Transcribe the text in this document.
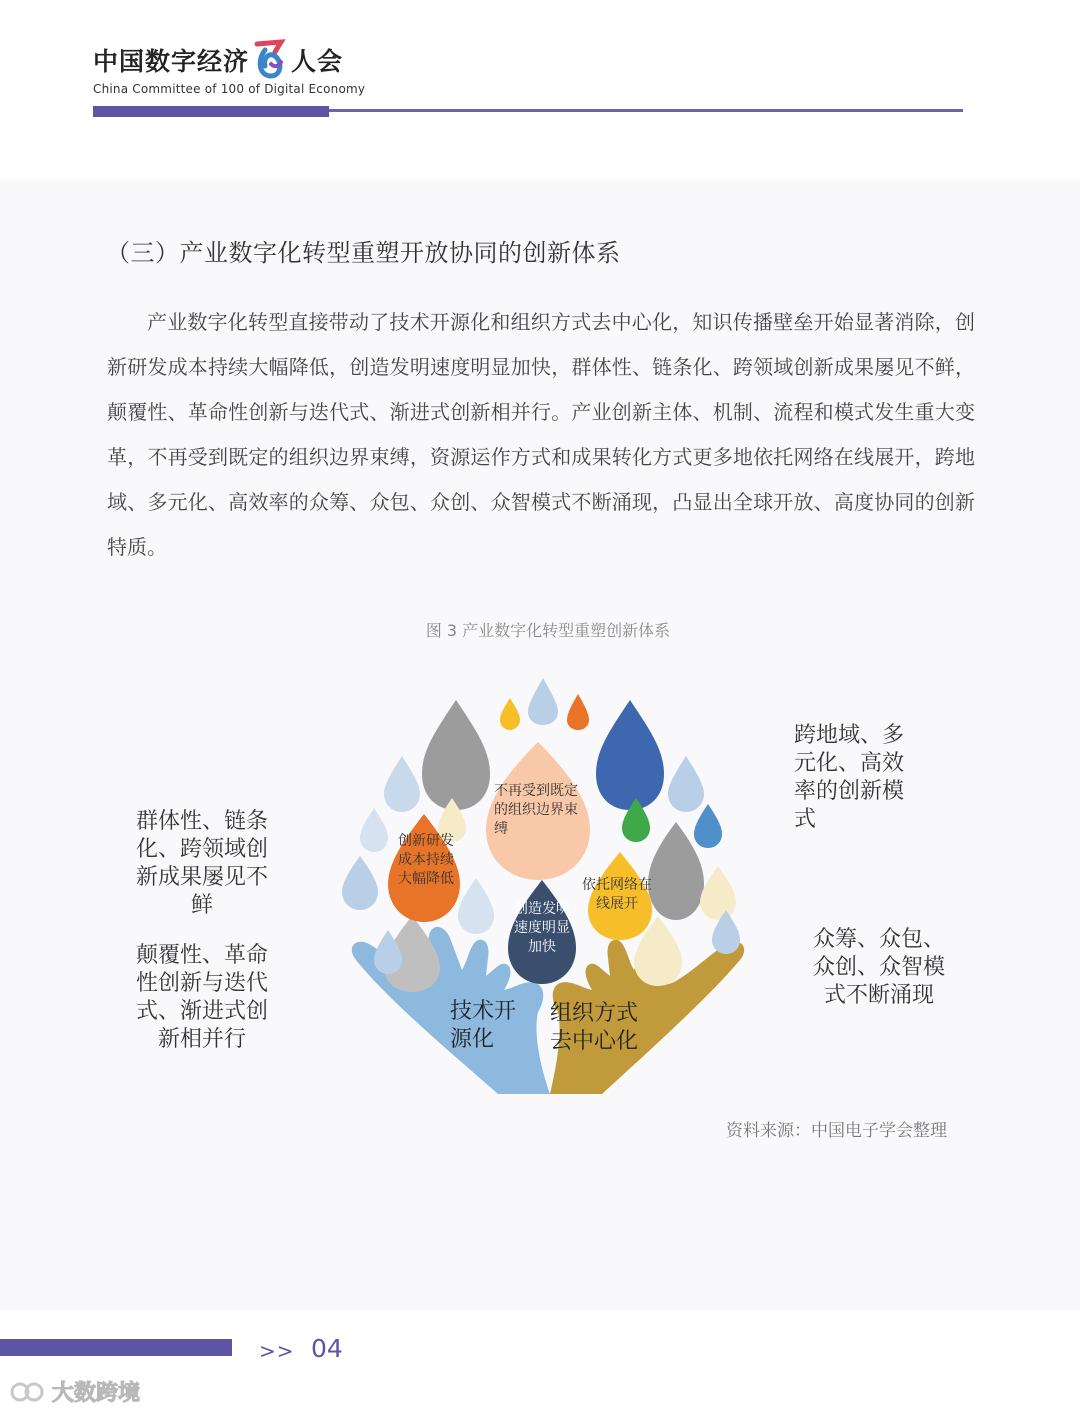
中国数字经济 人会
China Committee of 100 of Digital Economy
（三）产业数字化转型重塑开放协同的创新体系

产业数字化转型直接带动了技术开源化和组织方式去中心化，知识传播壁垒开始显著消除，创新研发成本持续大幅降低，创造发明速度明显加快，群体性、链条化、跨领域创新成果屡见不鲜，颠覆性、革命性创新与迭代式、渐进式创新相并行。产业创新主体、机制、流程和模式发生重大变革，不再受到既定的组织边界束缚，资源运作方式和成果转化方式更多地依托网络在线展开，跨地域、多元化、高效率的众筹、众包、众创、众智模式不断涌现，凸显出全球开放、高度协同的创新特质。

图 3 产业数字化转型重塑创新体系
不再受到既定的组织边界束缚
创新研发成本持续大幅降低	依托网络在线展开
创造发明速度明显加快
技术开源化
组织方式去中心化
群体性、链条化、跨领域创新成果屡见不鲜
颠覆性、革命性创新与迭代式、渐进式创新相并行
跨地域、多元化、高效率的创新模式
众筹、众包、众创、众智模式不断涌现
资料来源：中国电子学会整理
>> 04
大数跨境
